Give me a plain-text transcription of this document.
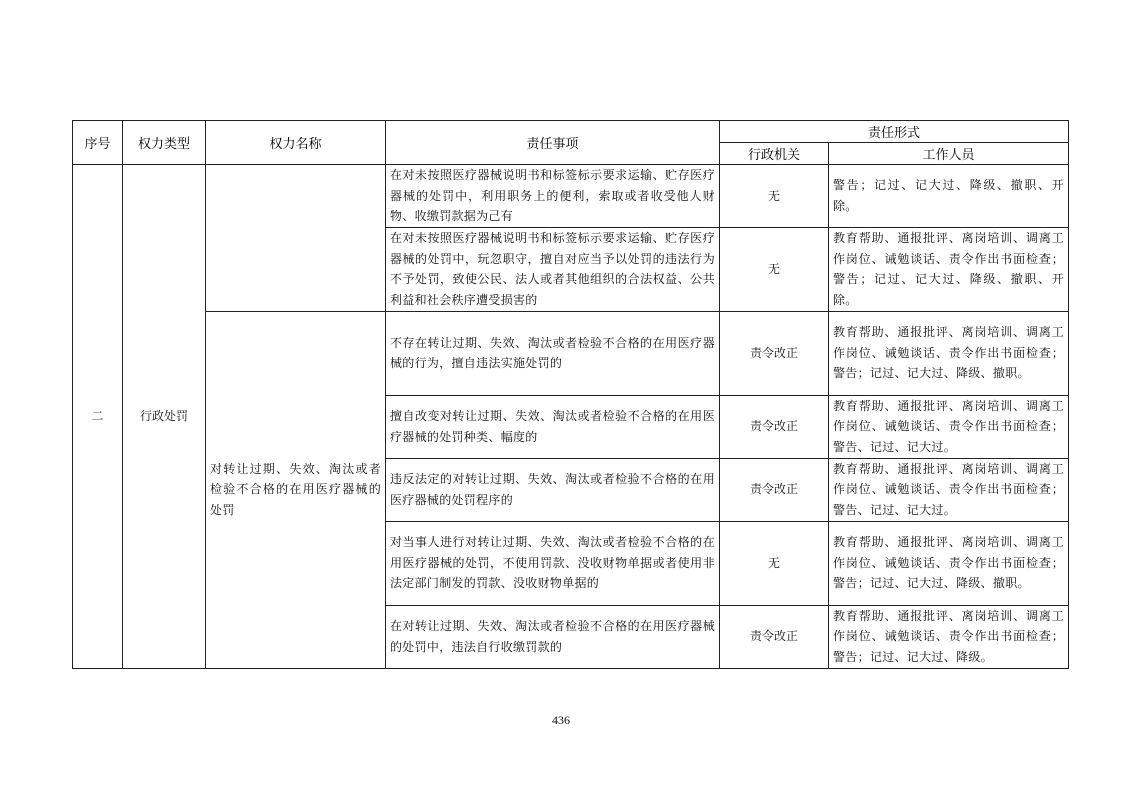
序号	权力类型	权力名称	责任事项	责任形式	
				行政机关	工作人员
二	行政处罚		在对未按照医疗器械说明书和标签标示要求运输、贮存医疗器械的处罚中，利用职务上的便利，索取或者收受他人财物、收缴罚款据为己有	无	警告；记过、记大过、降级、撤职、开除。
			在对未按照医疗器械说明书和标签标示要求运输、贮存医疗器械的处罚中，玩忽职守，擅自对应当予以处罚的违法行为不予处罚，致使公民、法人或者其他组织的合法权益、公共利益和社会秩序遭受损害的	无	教育帮助、通报批评、离岗培训、调离工作岗位、诫勉谈话、责令作出书面检查；警告；记过、记大过、降级、撤职、开除。
		对转让过期、失效、淘汰或者检验不合格的在用医疗器械的处罚	不存在转让过期、失效、淘汰或者检验不合格的在用医疗器械的行为，擅自违法实施处罚的	责令改正	教育帮助、通报批评、离岗培训、调离工作岗位、诫勉谈话、责令作出书面检查；警告；记过、记大过、降级、撤职。
			擅自改变对转让过期、失效、淘汰或者检验不合格的在用医疗器械的处罚种类、幅度的	责令改正	教育帮助、通报批评、离岗培训、调离工作岗位、诫勉谈话、责令作出书面检查；警告、记过、记大过。
			违反法定的对转让过期、失效、淘汰或者检验不合格的在用医疗器械的处罚程序的	责令改正	教育帮助、通报批评、离岗培训、调离工作岗位、诫勉谈话、责令作出书面检查；警告、记过、记大过。
			对当事人进行对转让过期、失效、淘汰或者检验不合格的在用医疗器械的处罚，不使用罚款、没收财物单据或者使用非法定部门制发的罚款、没收财物单据的	无	教育帮助、通报批评、离岗培训、调离工作岗位、诫勉谈话、责令作出书面检查；警告；记过、记大过、降级、撤职。
			在对转让过期、失效、淘汰或者检验不合格的在用医疗器械的处罚中，违法自行收缴罚款的	责令改正	教育帮助、通报批评、离岗培训、调离工作岗位、诫勉谈话、责令作出书面检查；警告；记过、记大过、降级。
436
